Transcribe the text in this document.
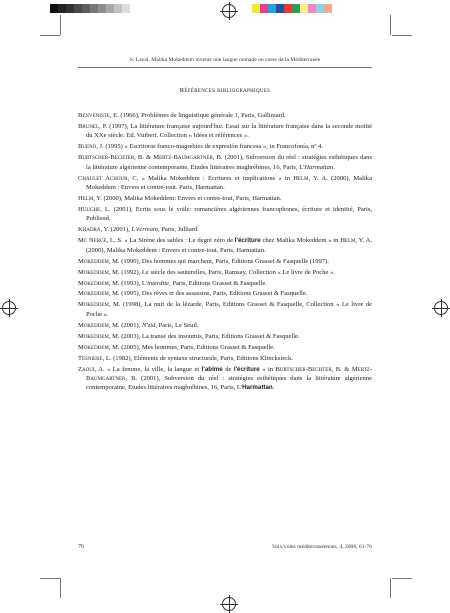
S. Laval. Malika Mokeddem invente une langue nomade ou corse de la Méditerranée
Références bibliographiques

Benveniste, E. (1966), Problèmes de linguistique générale 1, Paris, Gallimard.

Brunel, P. (1997), La littérature française aujourd'hui. Essai sur la littérature française dans la seconde moitié du XXe siècle. Ed. Vuibert. Collection « Idées et références ».

Bueno, J. (1995) « Escritoras franco-magrebíes de expresión francesa », in Francofonía, nº 4.

Burtscher-Bechter, B. & Mertz-Baumgartner, B. (2001), Subversion du réel : stratégies esthétiques dans la littérature algérienne contemporaine, Etudes littéraires maghrébines, 16, Paris, L'Harmattan.

Chaulet Achour, C. « Malika Mokeddem : Ecritures et implications » in Helm, Y. A. (2000), Malika Mokeddem : Envers et contre-tout. Paris, Harmattan.

Helm, Y. (2000), Malika Mokeddem: Envers et contre-tout, Paris, Harmattan.

Huughe, L. (2001), Ecrits sous le voile: romancières algériennes francophones, écriture et identité, Paris, Publisud.

Khadra, Y. (2001), L'écrivain, Paris, Julliard.

Mc Nerce, L. S. « La Sirène des sables : Le degré zéro de l'écriture chez Malika Mokeddem » in Helm, Y. A. (2000), Malika Mokeddem : Envers et contre-tout. Paris, Harmattan.

Mokeddem, M. (1990), Des hommes qui marchent, Paris, Editions Grasset & Fasquelle (1997).

Mokeddem, M. (1992), Le siècle des sauterelles, Paris, Ramsay, Collection « Le livre de Poche ».

Mokeddem, M. (1993), L'interdite, Paris, Editions Grasset & Fasquelle.

Mokeddem, M. (1995), Des rêves et des assassins, Paris, Editions Grasset & Fasquelle.

Mokeddem, M. (1998), La nuit de la lézarde, Paris, Editions Grasset & Fasquelle, Collection « Le livre de Poche ».

Mokeddem, M. (2001), N'zid, Paris, Le Seuil.

Mokeddem, M. (2003), La transe des insoumis, Paris, Editions Grasset & Fasquelle.

Mokeddem, M. (2005), Mes hommes, Paris, Editions Grasset & Fasquelle.

Tesniere, L. (1982), Eléments de syntaxe structurale, Paris, Editions Klincksieck.

Zaoui, A. « La femme, la ville, la langue et l'abîme de l'écriture » in Burtscher-Bechter, B. & Mertz-Baumgartner, B. (2001), Subversion du réel : stratégies esthétiques dans la littérature algérienne contemporaine, Etudes littéraires maghrébines, 16, Paris, L'Harmattan.

76	Voix/voies méditerranéennes, 4, 2008, 61-76
